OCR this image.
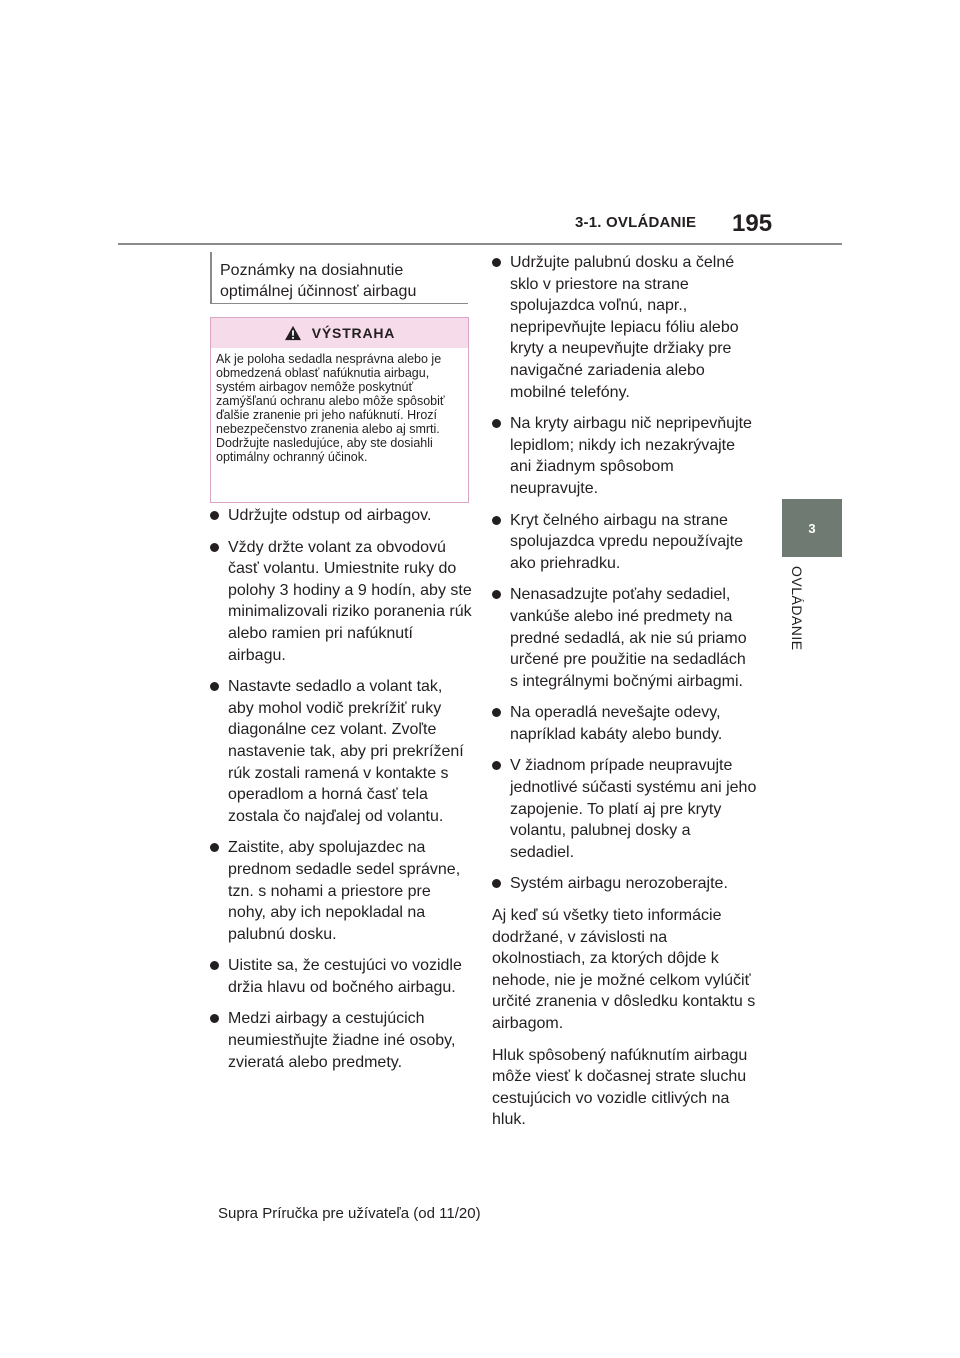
3-1. OVLÁDANIE 195
3
OVLÁDANIE
Poznámky na dosiahnutie optimálnej účinnosť airbagu
VÝSTRAHA
Ak je poloha sedadla nesprávna alebo je obmedzená oblasť nafúknutia airbagu, systém airbagov nemôže poskytnúť zamýšľanú ochranu alebo môže spôsobiť ďalšie zranenie pri jeho nafúknutí. Hrozí nebezpečenstvo zranenia alebo aj smrti. Dodržujte nasledujúce, aby ste dosiahli optimálny ochranný účinok.
Udržujte odstup od airbagov.
Vždy držte volant za obvodovú časť volantu. Umiestnite ruky do polohy 3 hodiny a 9 hodín, aby ste minimalizovali riziko poranenia rúk alebo ramien pri nafúknutí airbagu.
Nastavte sedadlo a volant tak, aby mohol vodič prekrížiť ruky diagonálne cez volant. Zvoľte nastavenie tak, aby pri prekrížení rúk zostali ramená v kontakte s operadlom a horná časť tela zostala čo najďalej od volantu.
Zaistite, aby spolujazdec na prednom sedadle sedel správne, tzn. s nohami a priestore pre nohy, aby ich nepokladal na palubnú dosku.
Uistite sa, že cestujúci vo vozidle držia hlavu od bočného airbagu.
Medzi airbagy a cestujúcich neumiestňujte žiadne iné osoby, zvieratá alebo predmety.
Udržujte palubnú dosku a čelné sklo v priestore na strane spolujazdca voľnú, napr., nepripevňujte lepiacu fóliu alebo kryty a neupevňujte držiaky pre navigačné zariadenia alebo mobilné telefóny.
Na kryty airbagu nič nepripevňujte lepidlom; nikdy ich nezakrývajte ani žiadnym spôsobom neupravujte.
Kryt čelného airbagu na strane spolujazdca vpredu nepoužívajte ako priehradku.
Nenasadzujte poťahy sedadiel, vankúše alebo iné predmety na predné sedadlá, ak nie sú priamo určené pre použitie na sedadlách s integrálnymi bočnými airbagmi.
Na operadlá nevešajte odevy, napríklad kabáty alebo bundy.
V žiadnom prípade neupravujte jednotlivé súčasti systému ani jeho zapojenie. To platí aj pre kryty volantu, palubnej dosky a sedadiel.
Systém airbagu nerozoberajte.
Aj keď sú všetky tieto informácie dodržané, v závislosti na okolnostiach, za ktorých dôjde k nehode, nie je možné celkom vylúčiť určité zranenia v dôsledku kontaktu s airbagom.
Hluk spôsobený nafúknutím airbagu môže viesť k dočasnej strate sluchu cestujúcich vo vozidle citlivých na hluk.
Supra Príručka pre užívateľa (od 11/20)
